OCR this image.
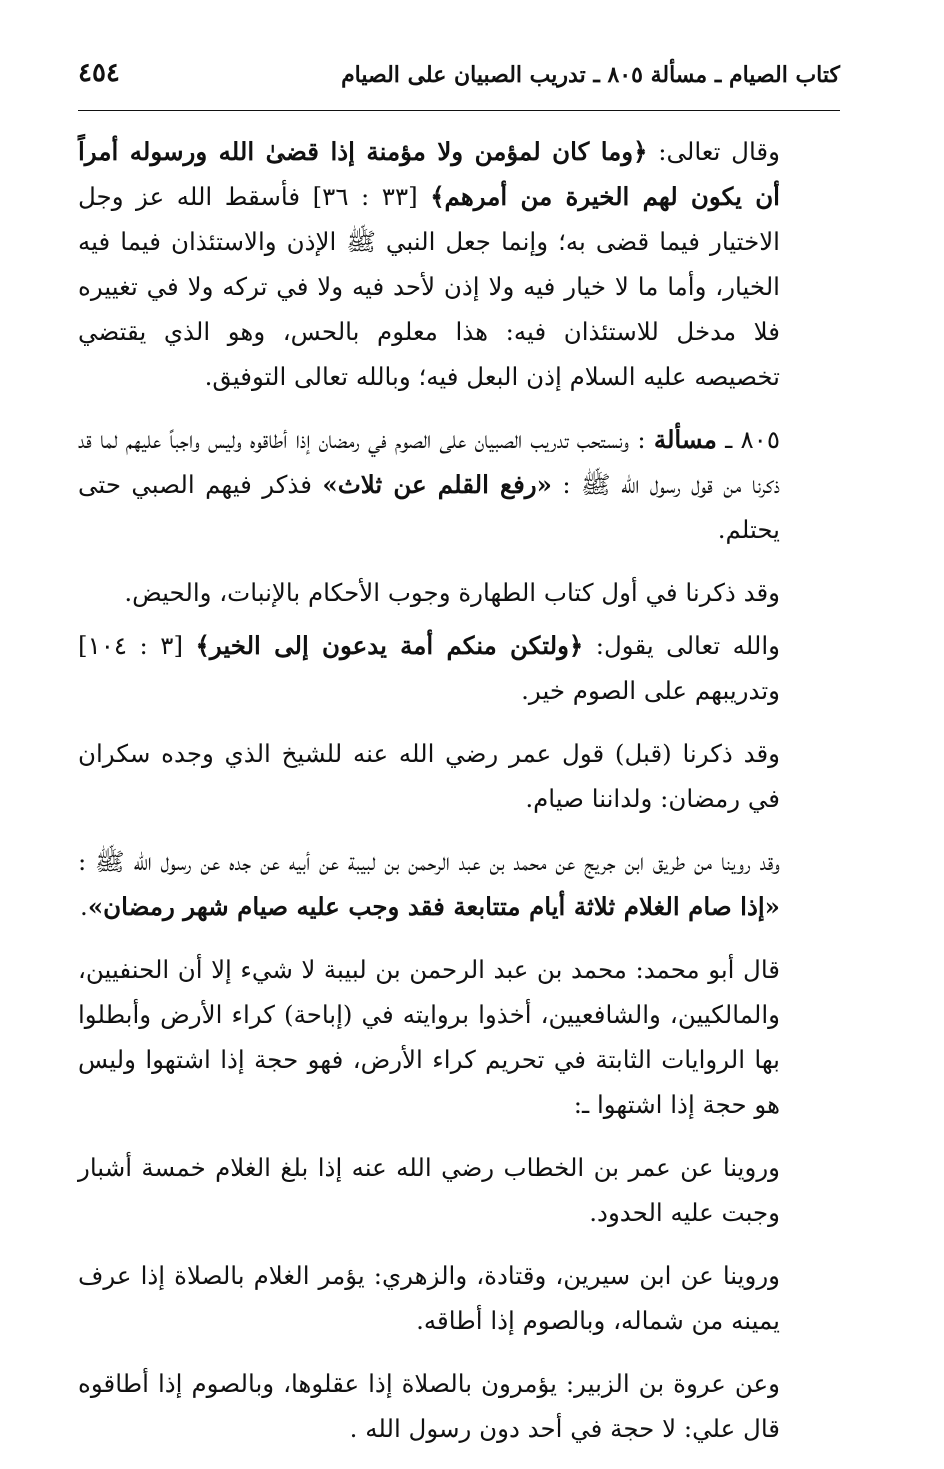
كتاب الصيام ـ مسألة ٨٠٥ ـ تدريب الصبيان على الصيام
٤٥٤

وقال تعالى: ﴿وما كان لمؤمن ولا مؤمنة إذا قضىٰ الله ورسوله أمراً أن يكون لهم الخيرة من أمرهم﴾ [٣٣ : ٣٦] فأسقط الله عز وجل الاختيار فيما قضى به؛ وإنما جعل النبي ﷺ الإذن والاستئذان فيما فيه الخيار، وأما ما لا خيار فيه ولا إذن لأحد فيه ولا في تركه ولا في تغييره فلا مدخل للاستئذان فيه: هذا معلوم بالحس، وهو الذي يقتضي تخصيصه عليه السلام إذن البعل فيه؛ وبالله تعالى التوفيق.

٨٠٥ ـ مسألة : ونستحب تدريب الصبيان على الصوم في رمضان إذا أطاقوه وليس واجباً عليهم لما قد ذكرنا من قول رسول الله ﷺ : «رفع القلم عن ثلاث» فذكر فيهم الصبي حتى يحتلم.

وقد ذكرنا في أول كتاب الطهارة وجوب الأحكام بالإنبات، والحيض.

والله تعالى يقول: ﴿ولتكن منكم أمة يدعون إلى الخير﴾ [٣ : ١٠٤] وتدريبهم على الصوم خير.

وقد ذكرنا (قبل) قول عمر رضي الله عنه للشيخ الذي وجده سكران في رمضان: ولداننا صيام.

وقد روينا من طريق ابن جريج عن محمد بن عبد الرحمن بن لبيبة عن أبيه عن جده عن رسول الله ﷺ : «إذا صام الغلام ثلاثة أيام متتابعة فقد وجب عليه صيام شهر رمضان».

قال أبو محمد: محمد بن عبد الرحمن بن لبيبة لا شيء إلا أن الحنفيين، والمالكيين، والشافعيين، أخذوا بروايته في (إباحة) كراء الأرض وأبطلوا بها الروايات الثابتة في تحريم كراء الأرض، فهو حجة إذا اشتهوا وليس هو حجة إذا اشتهوا ـ:

وروينا عن عمر بن الخطاب رضي الله عنه إذا بلغ الغلام خمسة أشبار وجبت عليه الحدود.

وروينا عن ابن سيرين، وقتادة، والزهري: يؤمر الغلام بالصلاة إذا عرف يمينه من شماله، وبالصوم إذا أطاقه.

وعن عروة بن الزبير: يؤمرون بالصلاة إذا عقلوها، وبالصوم إذا أطاقوه قال علي: لا حجة في أحد دون رسول الله .
